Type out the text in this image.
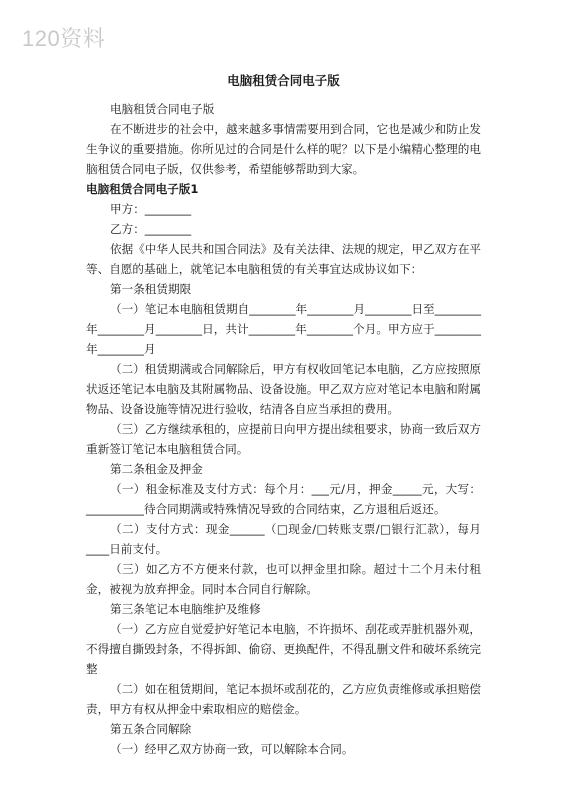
120资料
电脑租赁合同电子版

电脑租赁合同电子版

在不断进步的社会中，越来越多事情需要用到合同，它也是减少和防止发生争议的重要措施。你所见过的合同是什么样的呢？以下是小编精心整理的电脑租赁合同电子版，仅供参考，希望能够帮助到大家。

电脑租赁合同电子版1

甲方：________

乙方：________

依据《中华人民共和国合同法》及有关法律、法规的规定，甲乙双方在平等、自愿的基础上，就笔记本电脑租赁的有关事宜达成协议如下：

第一条租赁期限

（一）笔记本电脑租赁期自________年________月________日至________年________月________日，共计________年________个月。甲方应于________年________月

（二）租赁期满或合同解除后，甲方有权收回笔记本电脑，乙方应按照原状返还笔记本电脑及其附属物品、设备设施。甲乙双方应对笔记本电脑和附属物品、设备设施等情况进行验收，结清各自应当承担的费用。

（三）乙方继续承租的，应提前日向甲方提出续租要求，协商一致后双方重新签订笔记本电脑租赁合同。

第二条租金及押金

（一）租金标准及支付方式：每个月：___元/月，押金_____元，大写：__________待合同期满或特殊情况导致的合同结束，乙方退租后返还。

（二）支付方式：现金______（□现金/□转账支票/□银行汇款），每月____日前支付。

（三）如乙方不方便来付款，也可以押金里扣除。超过十二个月未付租金，被视为放弃押金。同时本合同自行解除。

第三条笔记本电脑维护及维修

（一）乙方应自觉爱护好笔记本电脑，不许损坏、刮花或弄脏机器外观，不得擅自撕毁封条，不得拆卸、偷窃、更换配件，不得乱删文件和破坏系统完整

（二）如在租赁期间，笔记本损坏或刮花的，乙方应负责维修或承担赔偿责，甲方有权从押金中索取相应的赔偿金。

第五条合同解除

（一）经甲乙双方协商一致，可以解除本合同。
